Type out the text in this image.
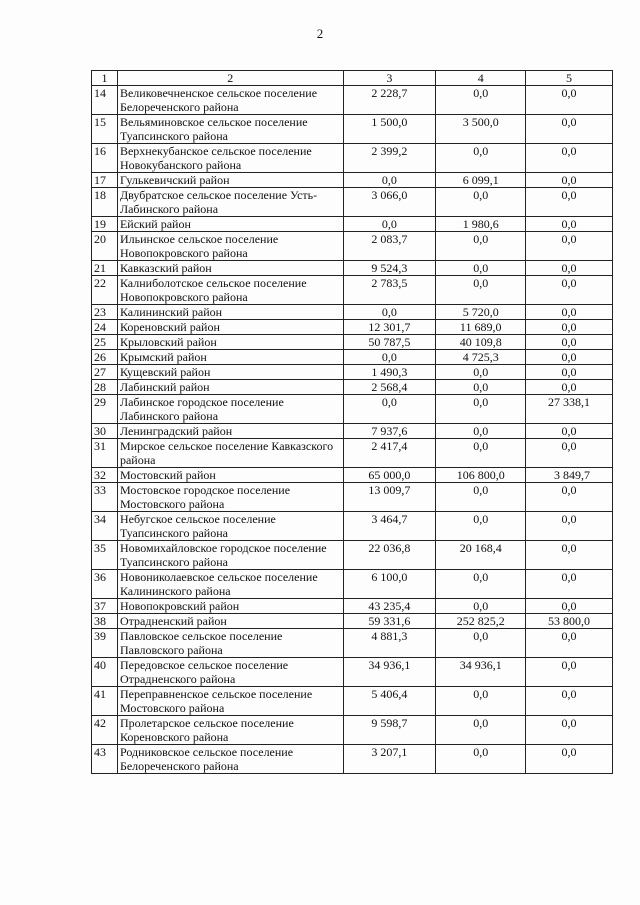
2
1	2	3	4	5
14	Великовечненское сельское поселение Белореченского района	2 228,7	0,0	0,0
15	Вельяминовское сельское поселение Туапсинского района	1 500,0	3 500,0	0,0
16	Верхнекубанское сельское поселение Новокубанского района	2 399,2	0,0	0,0
17	Гулькевичский район	0,0	6 099,1	0,0
18	Двубратское сельское поселение Усть-Лабинского района	3 066,0	0,0	0,0
19	Ейский район	0,0	1 980,6	0,0
20	Ильинское сельское поселение Новопокровского района	2 083,7	0,0	0,0
21	Кавказский район	9 524,3	0,0	0,0
22	Калниболотское сельское поселение Новопокровского района	2 783,5	0,0	0,0
23	Калининский район	0,0	5 720,0	0,0
24	Кореновский район	12 301,7	11 689,0	0,0
25	Крыловский район	50 787,5	40 109,8	0,0
26	Крымский район	0,0	4 725,3	0,0
27	Кущевский район	1 490,3	0,0	0,0
28	Лабинский район	2 568,4	0,0	0,0
29	Лабинское городское поселение Лабинского района	0,0	0,0	27 338,1
30	Ленинградский район	7 937,6	0,0	0,0
31	Мирское сельское поселение Кавказского района	2 417,4	0,0	0,0
32	Мостовский район	65 000,0	106 800,0	3 849,7
33	Мостовское городское поселение Мостовского района	13 009,7	0,0	0,0
34	Небугское сельское поселение Туапсинского района	3 464,7	0,0	0,0
35	Новомихайловское городское поселение Туапсинского района	22 036,8	20 168,4	0,0
36	Новониколаевское сельское поселение Калининского района	6 100,0	0,0	0,0
37	Новопокровский район	43 235,4	0,0	0,0
38	Отрадненский район	59 331,6	252 825,2	53 800,0
39	Павловское сельское поселение Павловского района	4 881,3	0,0	0,0
40	Передовское сельское поселение Отрадненского района	34 936,1	34 936,1	0,0
41	Переправненское сельское поселение Мостовского района	5 406,4	0,0	0,0
42	Пролетарское сельское поселение Кореновского района	9 598,7	0,0	0,0
43	Родниковское сельское поселение Белореченского района	3 207,1	0,0	0,0
